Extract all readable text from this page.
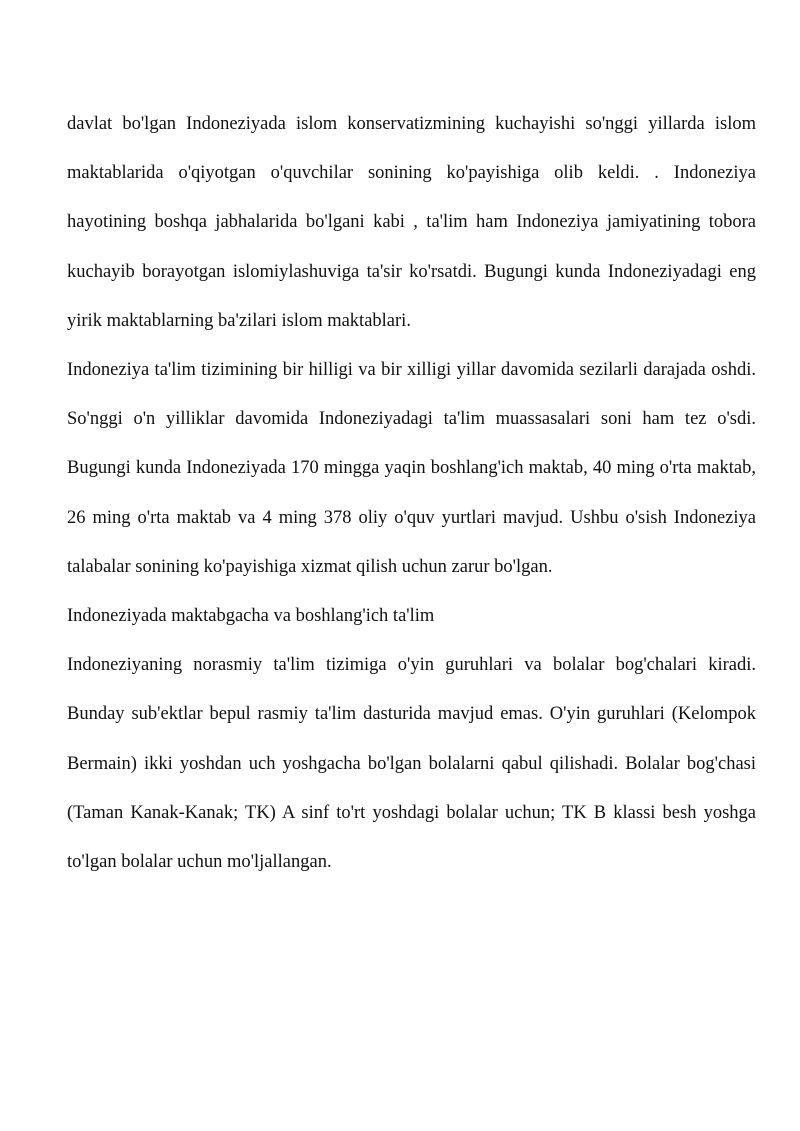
davlat bo'lgan Indoneziyada islom konservatizmining kuchayishi so'nggi yillarda islom maktablarida o'qiyotgan o'quvchilar sonining ko'payishiga olib keldi. . Indoneziya hayotining boshqa jabhalarida bo'lgani kabi , ta'lim ham Indoneziya jamiyatining tobora kuchayib borayotgan islomiylashuviga ta'sir ko'rsatdi. Bugungi kunda Indoneziyadagi eng yirik maktablarning ba'zilari islom maktablari.

Indoneziya ta'lim tizimining bir hilligi va bir xilligi yillar davomida sezilarli darajada oshdi. So'nggi o'n yilliklar davomida Indoneziyadagi ta'lim muassasalari soni ham tez o'sdi. Bugungi kunda Indoneziyada 170 mingga yaqin boshlang'ich maktab, 40 ming o'rta maktab, 26 ming o'rta maktab va 4 ming 378 oliy o'quv yurtlari mavjud. Ushbu o'sish Indoneziya talabalar sonining ko'payishiga xizmat qilish uchun zarur bo'lgan.

Indoneziyada maktabgacha va boshlang'ich ta'lim

Indoneziyaning norasmiy ta'lim tizimiga o'yin guruhlari va bolalar bog'chalari kiradi. Bunday sub'ektlar bepul rasmiy ta'lim dasturida mavjud emas. O'yin guruhlari (Kelompok Bermain) ikki yoshdan uch yoshgacha bo'lgan bolalarni qabul qilishadi. Bolalar bog'chasi (Taman Kanak-Kanak; TK) A sinf to'rt yoshdagi bolalar uchun; TK B klassi besh yoshga to'lgan bolalar uchun mo'ljallangan.
